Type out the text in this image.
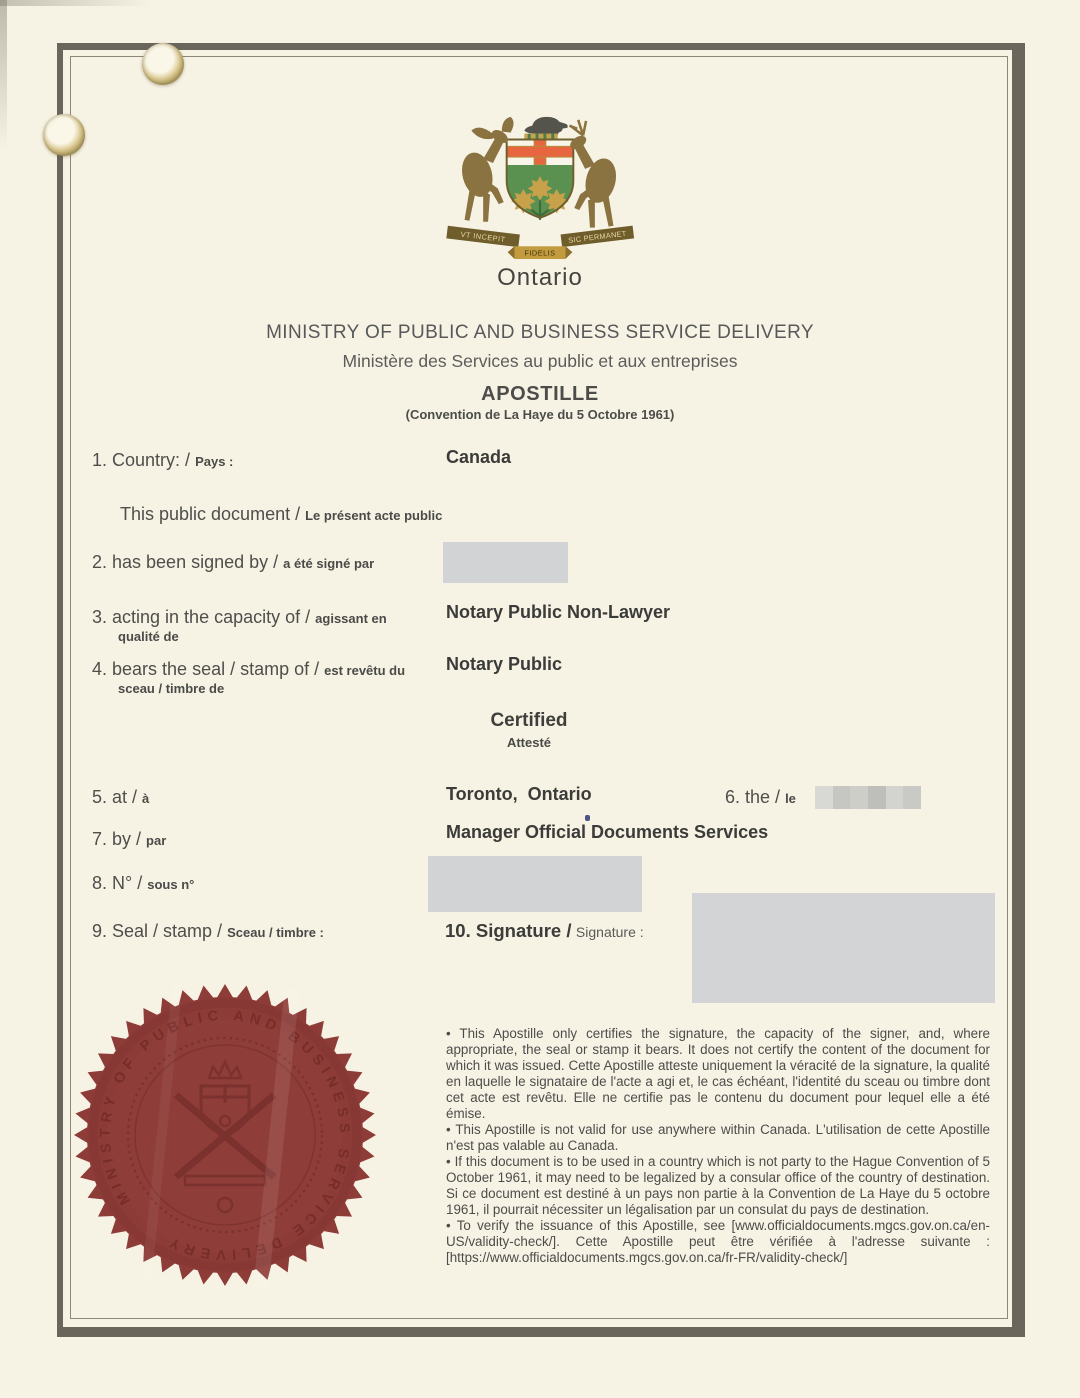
VT INCEPIT	SIC PERMANET
FIDELIS
Ontario
MINISTRY OF PUBLIC AND BUSINESS SERVICE DELIVERY
Ministère des Services au public et aux entreprises
APOSTILLE
(Convention de La Haye du 5 Octobre 1961)
1. Country: / Pays :	Canada
This public document / Le présent acte public
2. has been signed by / a été signé par
3. acting in the capacity of / agissant en
qualité de
Notary Public Non-Lawyer
4. bears the seal / stamp of / est revêtu du
sceau / timbre de
Notary Public
Certified
Attesté
5. at / à	Toronto,  Ontario	6. the / le
7. by / par	Manager Official Documents Services
8. N° / sous n°
9. Seal / stamp / Sceau / timbre :	10. Signature / Signature :
MINISTRY OF PUBLIC AND BUSINESS SERVICE DELIVERY

• This Apostille only certifies the signature, the capacity of the signer, and, where appropriate, the seal or stamp it bears. It does not certify the content of the document for which it was issued. Cette Apostille atteste uniquement la véracité de la signature, la qualité en laquelle le signataire de l'acte a agi et, le cas échéant, l'identité du sceau ou timbre dont cet acte est revêtu. Elle ne certifie pas le contenu du document pour lequel elle a été émise.

• This Apostille is not valid for use anywhere within Canada. L'utilisation de cette Apostille n'est pas valable au Canada.

• If this document is to be used in a country which is not party to the Hague Convention of 5 October 1961, it may need to be legalized by a consular office of the country of destination. Si ce document est destiné à un pays non partie à la Convention de La Haye du 5 octobre 1961, il pourrait nécessiter un légalisation par un consulat du pays de destination.

• To verify the issuance of this Apostille, see [www.officialdocuments.mgcs.gov.on.ca/en-US/validity-check/]. Cette Apostille peut être vérifiée à l'adresse suivante : [https://www.officialdocuments.mgcs.gov.on.ca/fr-FR/validity-check/]
